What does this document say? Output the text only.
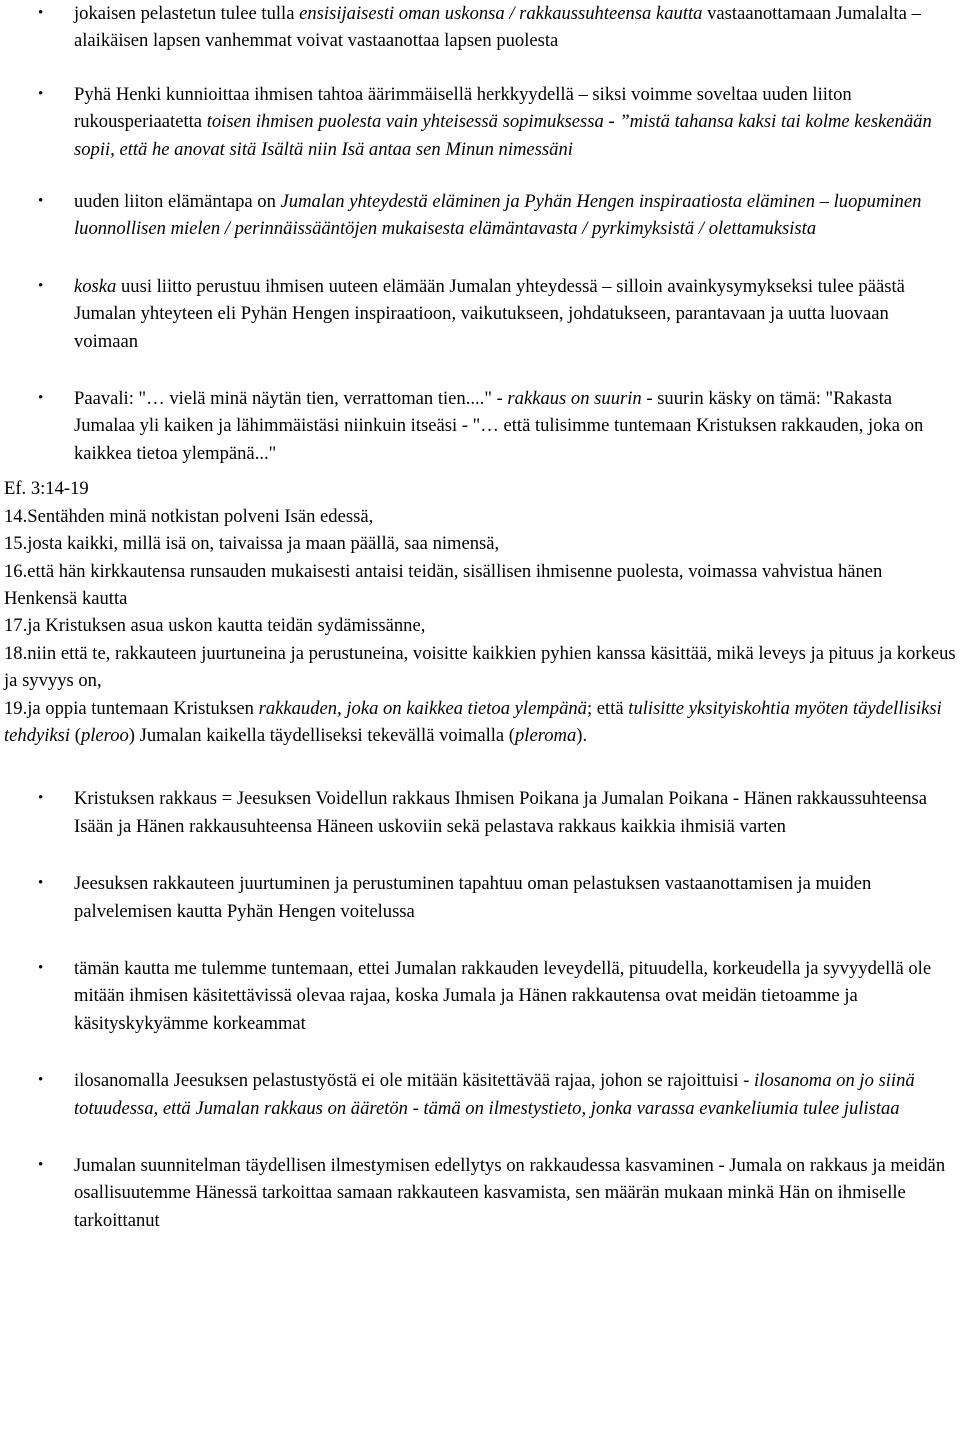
• jokaisen pelastetun tulee tulla ensisijaisesti oman uskonsa / rakkaussuhteensa kautta vastaanottamaan Jumalalta – alaikäisen lapsen vanhemmat voivat vastaanottaa lapsen puolesta
• Pyhä Henki kunnioittaa ihmisen tahtoa äärimmäisellä herkkyydellä – siksi voimme soveltaa uuden liiton rukousperiaatetta toisen ihmisen puolesta vain yhteisessä sopimuksessa - ”mistä tahansa kaksi tai kolme keskenään sopii, että he anovat sitä Isältä niin Isä antaa sen Minun nimessäni
• uuden liiton elämäntapa on Jumalan yhteydestä eläminen ja Pyhän Hengen inspiraatiosta eläminen – luopuminen luonnollisen mielen / perinnäissääntöjen mukaisesta elämäntavasta / pyrkimyksistä / olettamuksista
• koska uusi liitto perustuu ihmisen uuteen elämään Jumalan yhteydessä – silloin avainkysymykseksi tulee päästä Jumalan yhteyteen eli Pyhän Hengen inspiraatioon, vaikutukseen, johdatukseen, parantavaan ja uutta luovaan voimaan
• Paavali: "… vielä minä näytän tien, verrattoman tien...." - rakkaus on suurin - suurin käsky on tämä: "Rakasta Jumalaa yli kaiken ja lähimmäistäsi niinkuin itseäsi - "… että tulisimme tuntemaan Kristuksen rakkauden, joka on kaikkea tietoa ylempänä..."
Ef. 3:14-19
14.Sentähden minä notkistan polveni Isän edessä,
15.josta kaikki, millä isä on, taivaissa ja maan päällä, saa nimensä,
16.että hän kirkkautensa runsauden mukaisesti antaisi teidän, sisällisen ihmisenne puolesta, voimassa vahvistua hänen Henkensä kautta
17.ja Kristuksen asua uskon kautta teidän sydämissänne,
18.niin että te, rakkauteen juurtuneina ja perustuneina, voisitte kaikkien pyhien kanssa käsittää, mikä leveys ja pituus ja korkeus ja syvyys on,
19.ja oppia tuntemaan Kristuksen rakkauden, joka on kaikkea tietoa ylempänä; että tulisitte yksityiskohtia myöten täydellisiksi tehdyiksi (pleroo) Jumalan kaikella täydelliseksi tekevällä voimalla (pleroma).
• Kristuksen rakkaus = Jeesuksen Voidellun rakkaus Ihmisen Poikana ja Jumalan Poikana - Hänen rakkaussuhteensa Isään ja Hänen rakkausuhteensa Häneen uskoviin sekä pelastava rakkaus kaikkia ihmisiä varten
• Jeesuksen rakkauteen juurtuminen ja perustuminen tapahtuu oman pelastuksen vastaanottamisen ja muiden palvelemisen kautta Pyhän Hengen voitelussa
• tämän kautta me tulemme tuntemaan, ettei Jumalan rakkauden leveydellä, pituudella, korkeudella ja syvyydellä ole mitään ihmisen käsitettävissä olevaa rajaa, koska Jumala ja Hänen rakkautensa ovat meidän tietoamme ja käsityskykyämme korkeammat
• ilosanomalla Jeesuksen pelastustyöstä ei ole mitään käsitettävää rajaa, johon se rajoittuisi - ilosanoma on jo siinä totuudessa, että Jumalan rakkaus on ääretön - tämä on ilmestystieto, jonka varassa evankeliumia tulee julistaa
• Jumalan suunnitelman täydellisen ilmestymisen edellytys on rakkaudessa kasvaminen - Jumala on rakkaus ja meidän osallisuutemme Hänessä tarkoittaa samaan rakkauteen kasvamista, sen määrän mukaan minkä Hän on ihmiselle tarkoittanut
